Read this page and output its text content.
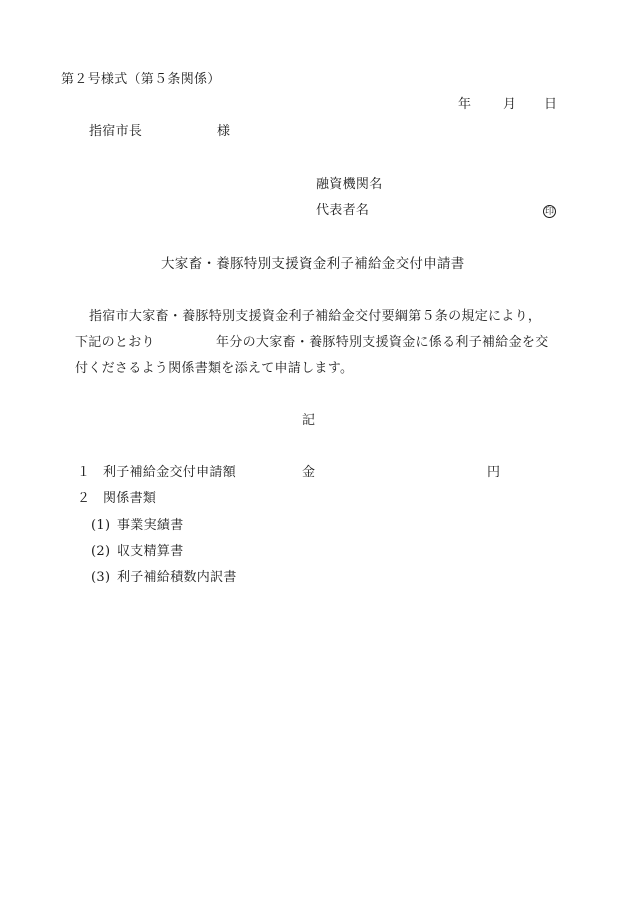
第２号様式（第５条関係）
年 月 日
指宿市長	様
融資機関名
代表者名	印
大家畜・養豚特別支援資金利子補給金交付申請書
指宿市大家畜・養豚特別支援資金利子補給金交付要綱第５条の規定により，
下記のとおり	年分の大家畜・養豚特別支援資金に係る利子補給金を交
付くださるよう関係書類を添えて申請します。
記
１ 利子補給金交付申請額	金	円
２ 関係書類
(1) 事業実績書
(2) 収支精算書
(3) 利子補給積数内訳書
